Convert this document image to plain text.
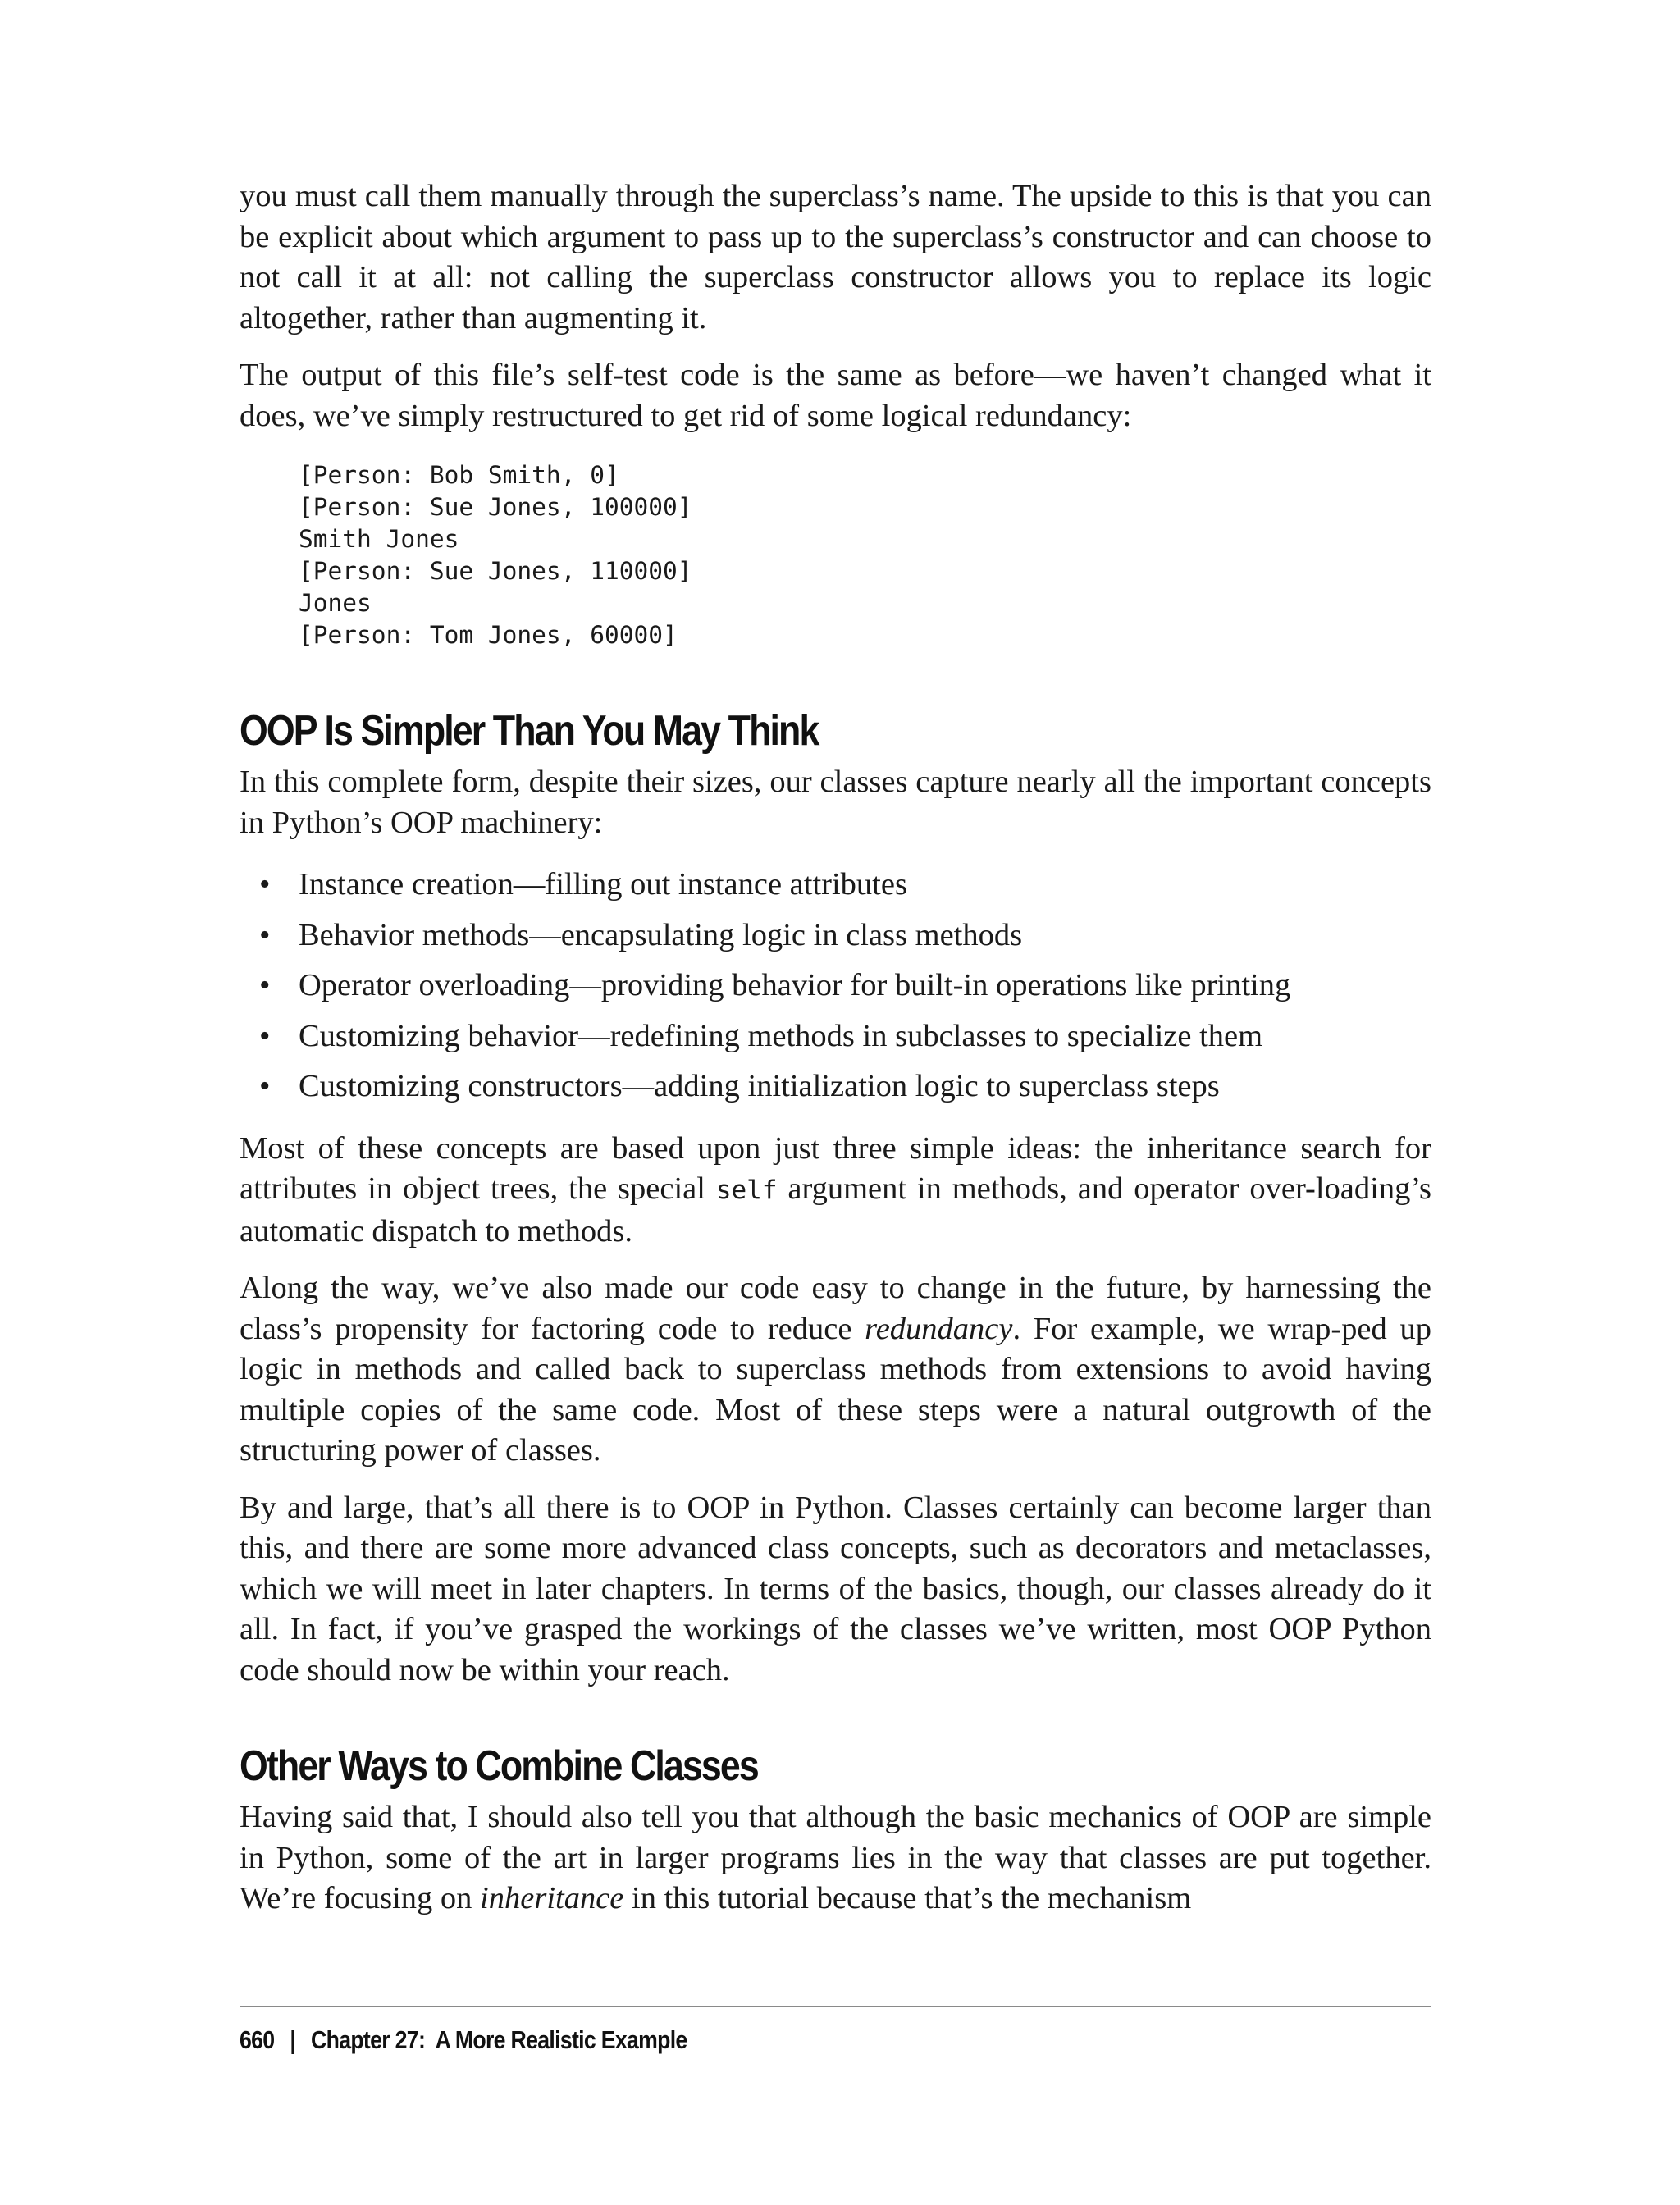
you must call them manually through the superclass’s name. The upside to this is that you can be explicit about which argument to pass up to the superclass’s constructor and can choose to not call it at all: not calling the superclass constructor allows you to replace its logic altogether, rather than augmenting it.

The output of this file’s self-test code is the same as before—we haven’t changed what it does, we’ve simply restructured to get rid of some logical redundancy:

[Person: Bob Smith, 0]
[Person: Sue Jones, 100000]
Smith Jones
[Person: Sue Jones, 110000]
Jones
[Person: Tom Jones, 60000]
OOP Is Simpler Than You May Think

In this complete form, despite their sizes, our classes capture nearly all the important concepts in Python’s OOP machinery:

• Instance creation—filling out instance attributes
• Behavior methods—encapsulating logic in class methods
• Operator overloading—providing behavior for built-in operations like printing
• Customizing behavior—redefining methods in subclasses to specialize them
• Customizing constructors—adding initialization logic to superclass steps

Most of these concepts are based upon just three simple ideas: the inheritance search for attributes in object trees, the special self argument in methods, and operator over-loading’s automatic dispatch to methods.

Along the way, we’ve also made our code easy to change in the future, by harnessing the class’s propensity for factoring code to reduce redundancy. For example, we wrap-ped up logic in methods and called back to superclass methods from extensions to avoid having multiple copies of the same code. Most of these steps were a natural outgrowth of the structuring power of classes.

By and large, that’s all there is to OOP in Python. Classes certainly can become larger than this, and there are some more advanced class concepts, such as decorators and metaclasses, which we will meet in later chapters. In terms of the basics, though, our classes already do it all. In fact, if you’ve grasped the workings of the classes we’ve written, most OOP Python code should now be within your reach.

Other Ways to Combine Classes

Having said that, I should also tell you that although the basic mechanics of OOP are simple in Python, some of the art in larger programs lies in the way that classes are put together. We’re focusing on inheritance in this tutorial because that’s the mechanism

660 | Chapter 27:  A More Realistic Example
